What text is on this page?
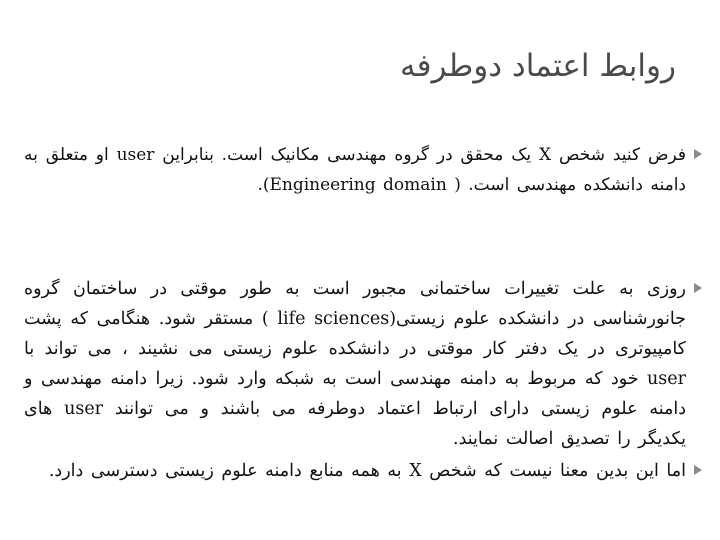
روابط اعتماد دوطرفه
فرض کنید شخص X یک محقق در گروه مهندسی مکانیک است. بنابراین user او متعلق به دامنه دانشکده مهندسی است. ( Engineering domain).
روزی به علت تغییرات ساختمانی مجبور است به طور موقتی در ساختمان گروه جانورشناسی در دانشکده علوم زیستی(life sciences ) مستقر شود. هنگامی که پشت کامپیوتری در یک دفتر کار موقتی در دانشکده علوم زیستی می نشیند ، می تواند با user خود که مربوط به دامنه مهندسی است به شبکه وارد شود. زیرا دامنه مهندسی و دامنه علوم زیستی دارای ارتباط اعتماد دوطرفه می باشند و می توانند user های یکدیگر را تصدیق اصالت نمایند.
اما این بدین معنا نیست که شخص X به همه منابع دامنه علوم زیستی دسترسی دارد.
